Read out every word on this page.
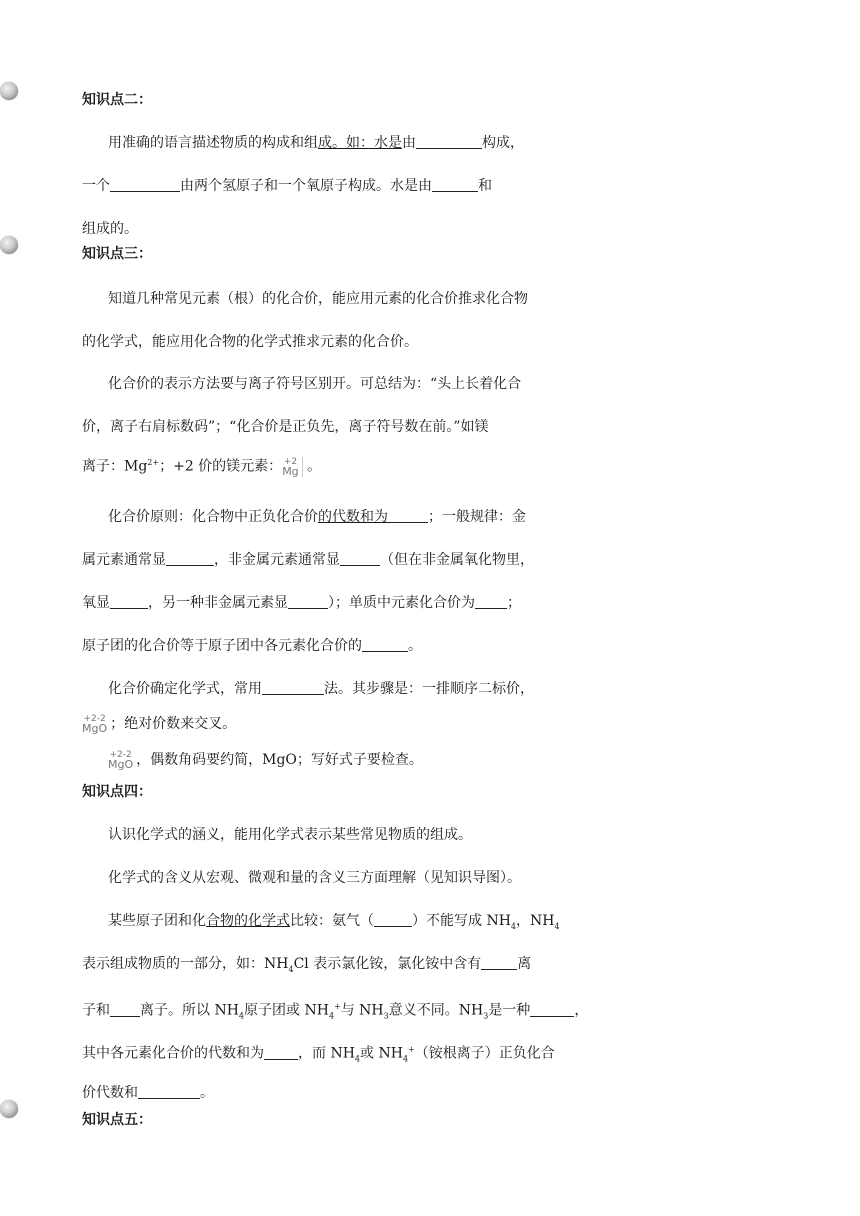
知识点二：
用准确的语言描述物质的构成和组成。如：水是由	构成，
一个	由两个氢原子和一个氧原子构成。水是由	和
组成的。
知识点三：
知道几种常见元素（根）的化合价，能应用元素的化合价推求化合物
的化学式，能应用化合物的化学式推求元素的化合价。
化合价的表示方法要与离子符号区别开。可总结为：“头上长着化合
价，离子右肩标数码”；“化合价是正负先，离子符号数在前。”如镁
离子：$Mg^{2+}$；+2 价的镁元素： +2
Mg 。
化合价原则：化合物中正负化合价的代数和为	；一般规律：金
属元素通常显	，非金属元素通常显	（但在非金属氧化物里，
氧显	，另一种非金属元素显	）；单质中元素化合价为 ；
原子团的化合价等于原子团中各元素化合价的	。
化合价确定化学式，常用	法。其步骤是：一排顺序二标价，
+2-2
MgO ；绝对价数来交叉。
+2-2
MgO ，偶数角码要约简，MgO；写好式子要检查。
知识点四：
认识化学式的涵义，能用化学式表示某些常见物质的组成。
化学式的含义从宏观、微观和量的含义三方面理解（见知识导图）。
某些原子团和化合物的化学式比较：氨气（	）不能写成 $NH_4$，$NH_4$
表示组成物质的一部分，如：$NH_4Cl$ 表示氯化铵，氯化铵中含有	离
子和 离子。所以 $NH_4$原子团或 $NH_4^+$与 $NH_3$意义不同。$NH_3$是一种	，
其中各元素化合价的代数和为 ，而 $NH_4$或 $NH_4^+$（铵根离子）正负化合
价代数和	。
知识点五：
